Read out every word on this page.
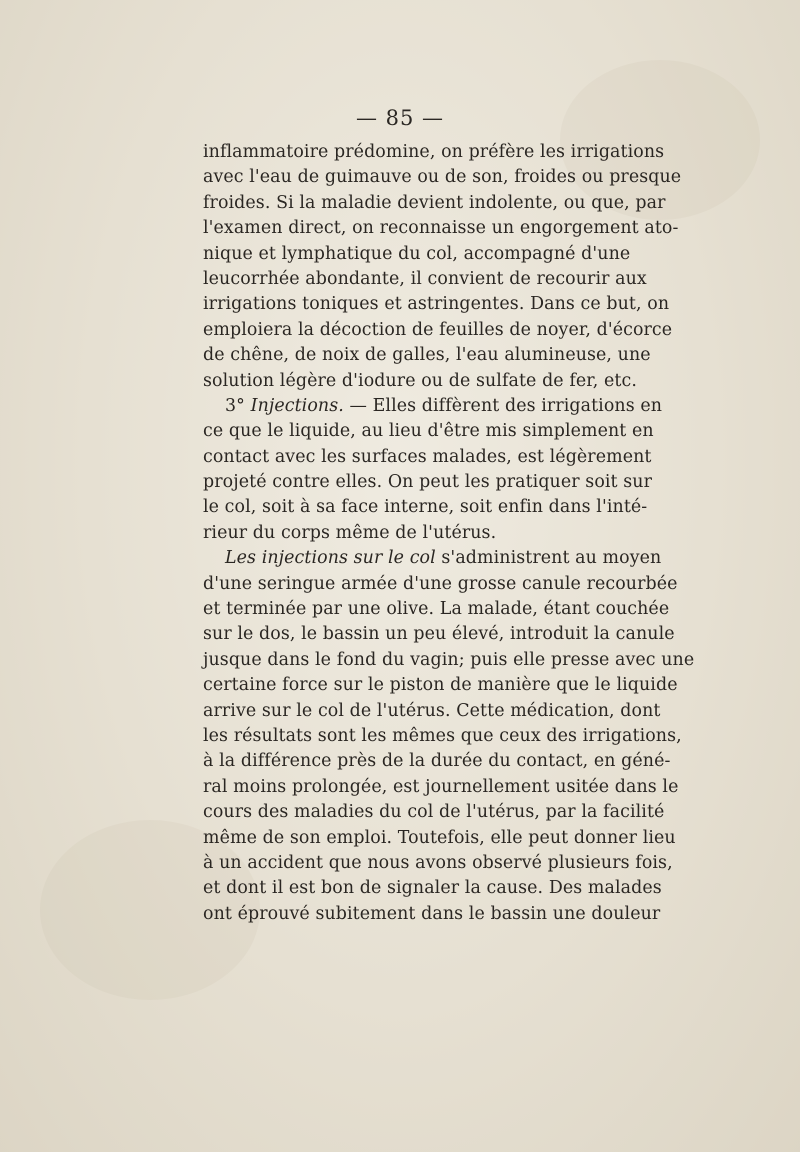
— 85 —
inflammatoire prédomine, on préfère les irrigations
avec l'eau de guimauve ou de son, froides ou presque
froides. Si la maladie devient indolente, ou que, par
l'examen direct, on reconnaisse un engorgement ato-
nique et lymphatique du col, accompagné d'une
leucorrhée abondante, il convient de recourir aux
irrigations toniques et astringentes. Dans ce but, on
emploiera la décoction de feuilles de noyer, d'écorce
de chêne, de noix de galles, l'eau alumineuse, une
solution légère d'iodure ou de sulfate de fer, etc.
3° Injections. — Elles diffèrent des irrigations en
ce que le liquide, au lieu d'être mis simplement en
contact avec les surfaces malades, est légèrement
projeté contre elles. On peut les pratiquer soit sur
le col, soit à sa face interne, soit enfin dans l'inté-
rieur du corps même de l'utérus.
Les injections sur le col s'administrent au moyen
d'une seringue armée d'une grosse canule recourbée
et terminée par une olive. La malade, étant couchée
sur le dos, le bassin un peu élevé, introduit la canule
jusque dans le fond du vagin; puis elle presse avec une
certaine force sur le piston de manière que le liquide
arrive sur le col de l'utérus. Cette médication, dont
les résultats sont les mêmes que ceux des irrigations,
à la différence près de la durée du contact, en géné-
ral moins prolongée, est journellement usitée dans le
cours des maladies du col de l'utérus, par la facilité
même de son emploi. Toutefois, elle peut donner lieu
à un accident que nous avons observé plusieurs fois,
et dont il est bon de signaler la cause. Des malades
ont éprouvé subitement dans le bassin une douleur
